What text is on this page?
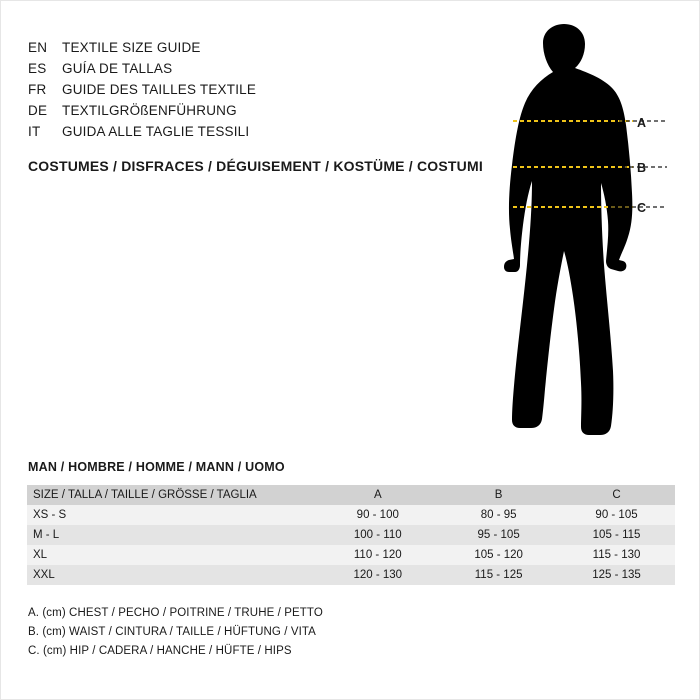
EN	TEXTILE SIZE GUIDE
ES	GUÍA DE TALLAS
FR	GUIDE DES TAILLES TEXTILE
DE	TEXTILGRÖßENFÜHRUNG
IT	GUIDA ALLE TAGLIE TESSILI
COSTUMES / DISFRACES / DÉGUISEMENT / KOSTÜME / COSTUMI
A
B
C
MAN / HOMBRE / HOMME / MANN / UOMO
SIZE / TALLA / TAILLE / GRÖSSE / TAGLIA	A	B	C
XS - S	90 - 100	80 - 95	90 - 105
M - L	100 - 110	95 - 105	105 - 115
XL	110 - 120	105 - 120	115 - 130
XXL	120 - 130	115 - 125	125 - 135
A. (cm) CHEST / PECHO / POITRINE / TRUHE / PETTO
B. (cm) WAIST / CINTURA / TAILLE / HÜFTUNG / VITA
C. (cm) HIP / CADERA / HANCHE / HÜFTE / HIPS
